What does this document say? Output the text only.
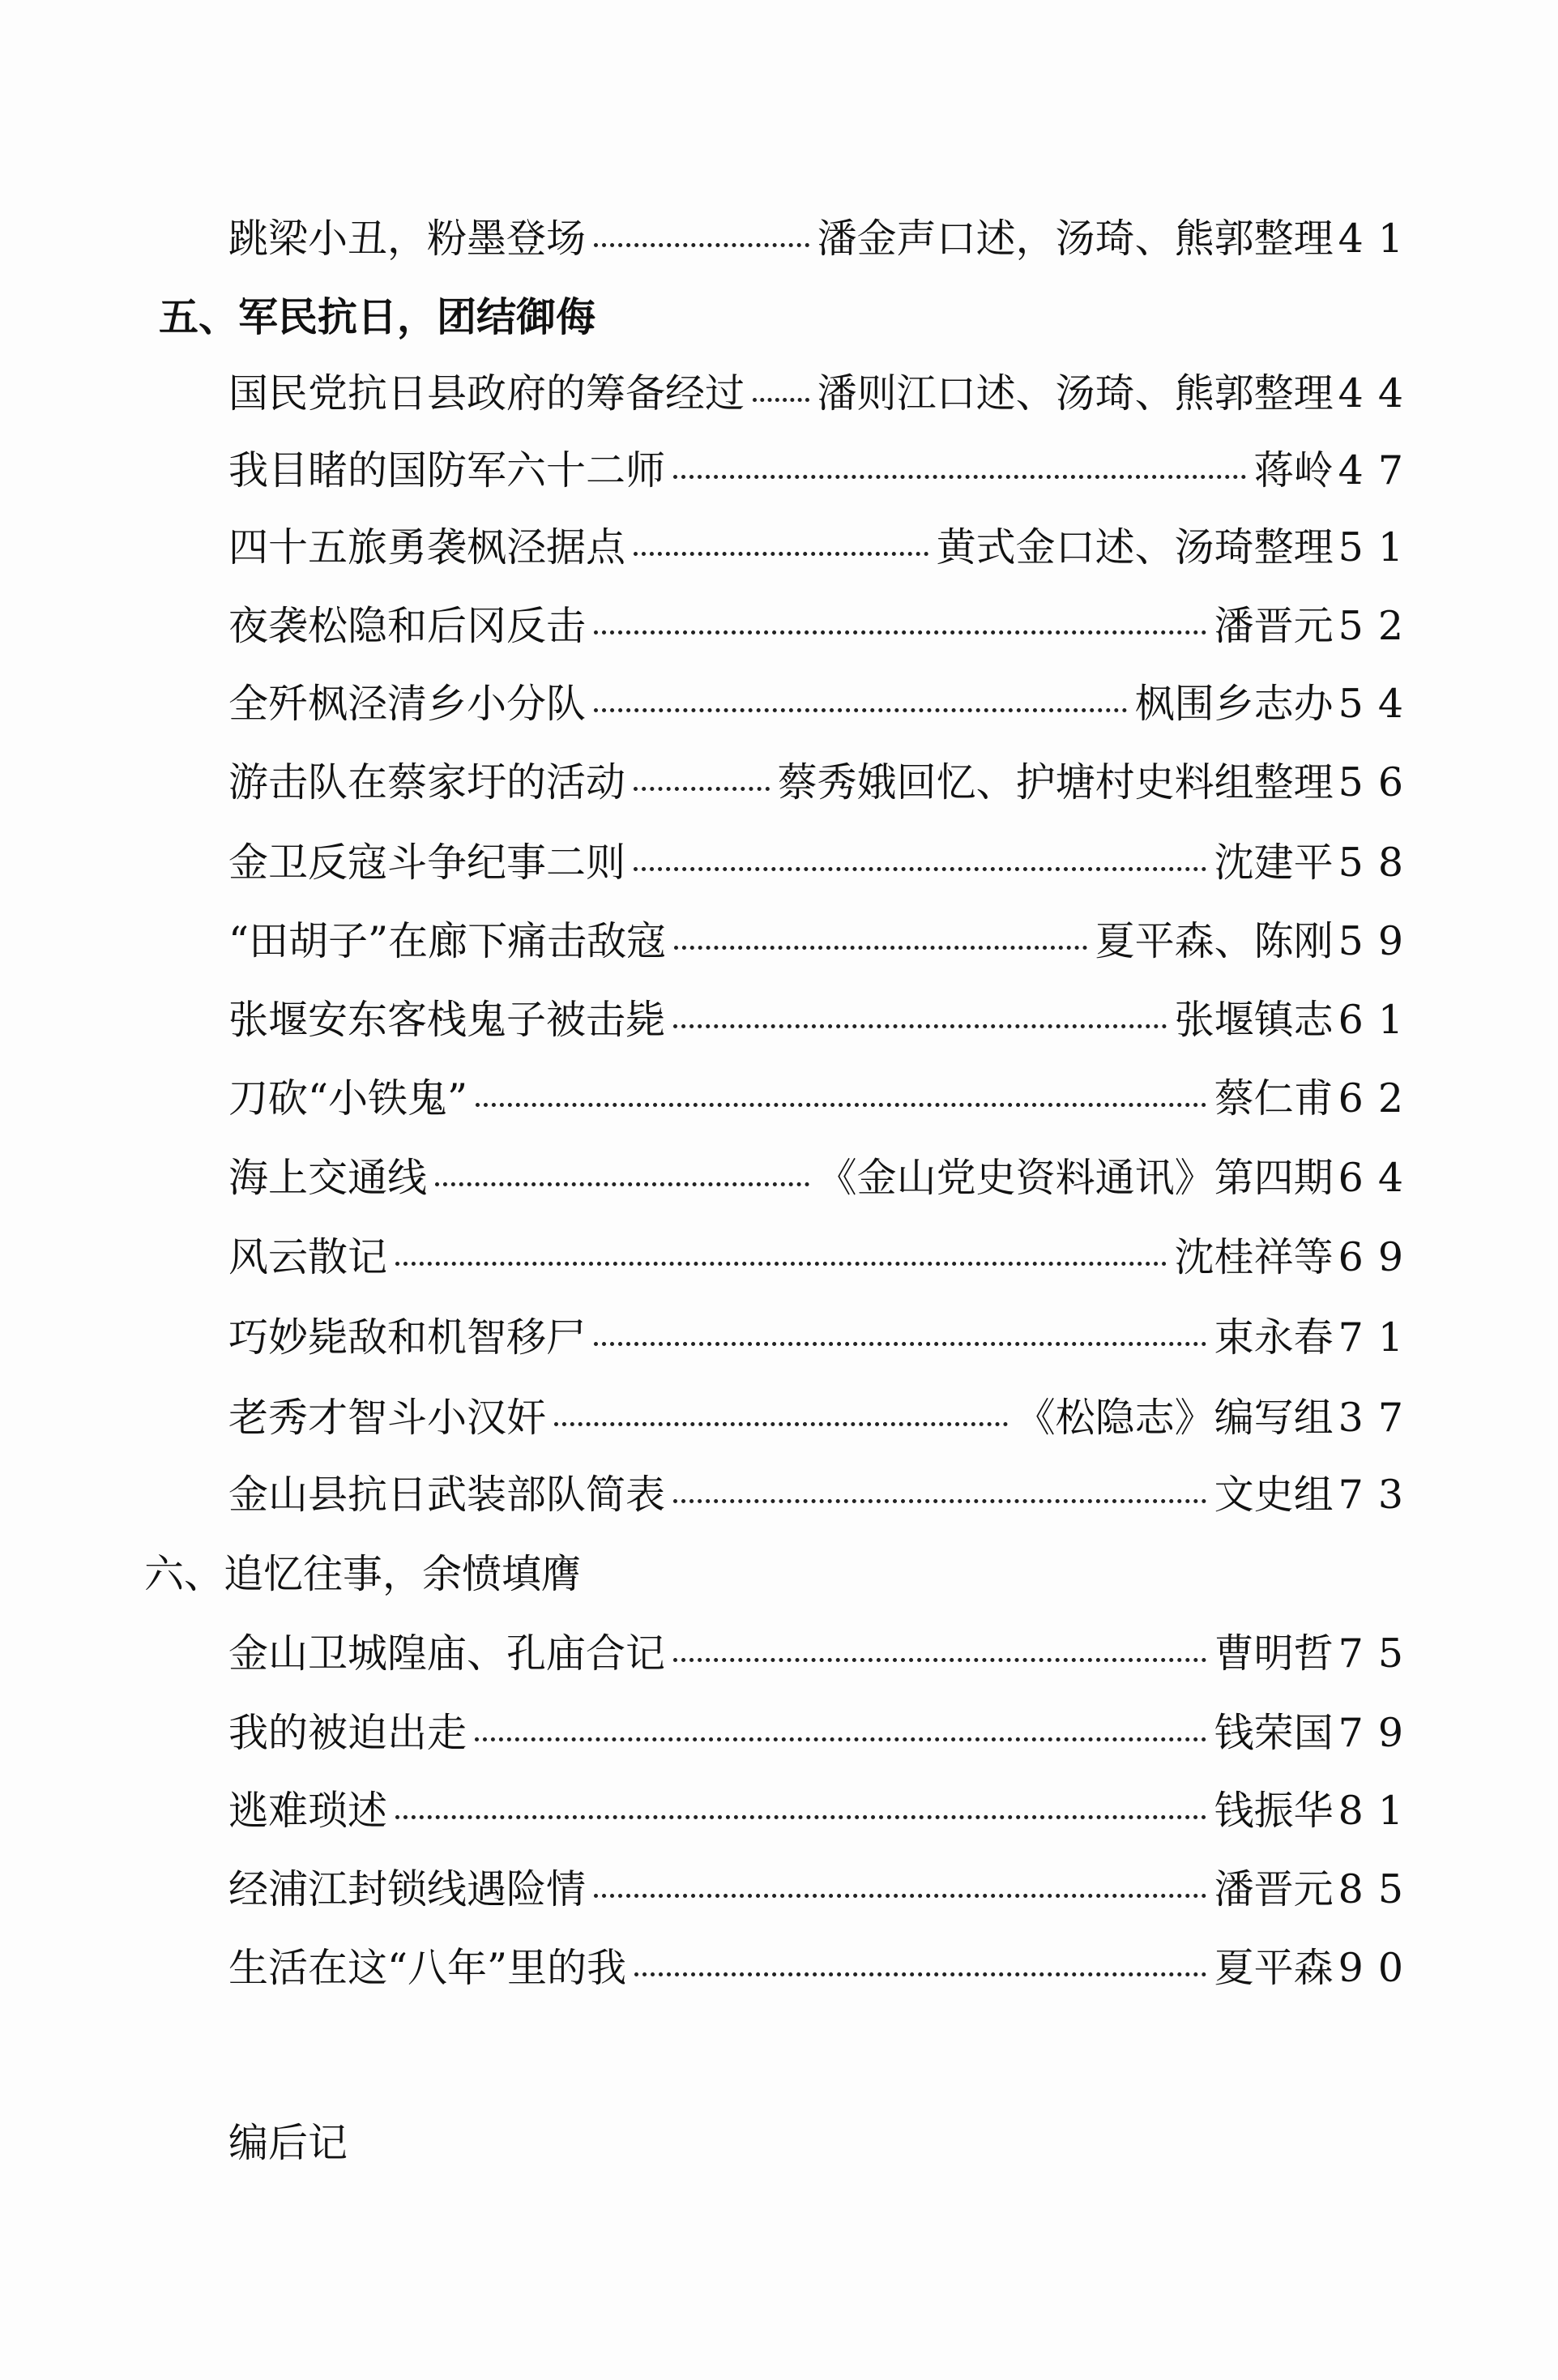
跳梁小丑，粉墨登场	潘金声口述，汤琦、熊郭整理 41
五、军民抗日，团结御侮
国民党抗日县政府的筹备经过 潘则江口述、汤琦、熊郭整理 44
我目睹的国防军六十二师	蒋岭 47
四十五旅勇袭枫泾据点	黄式金口述、汤琦整理 51
夜袭松隐和后冈反击	潘晋元 52
全歼枫泾清乡小分队	枫围乡志办 54
游击队在蔡家圩的活动	蔡秀娥回忆、护塘村史料组整理 56
金卫反寇斗争纪事二则	沈建平 58
“田胡子”在廊下痛击敌寇	夏平森、陈刚 59
张堰安东客栈鬼子被击毙	张堰镇志 61
刀砍“小铁鬼”	蔡仁甫 62
海上交通线	《金山党史资料通讯》第四期 64
风云散记	沈桂祥等 69
巧妙毙敌和机智移尸	束永春 71
老秀才智斗小汉奸	《松隐志》编写组 37
金山县抗日武装部队简表	文史组 73
六、追忆往事，余愤填膺
金山卫城隍庙、孔庙合记	曹明哲 75
我的被迫出走	钱荣国 79
逃难琐述	钱振华 81
经浦江封锁线遇险情	潘晋元 85
生活在这“八年”里的我	夏平森 90
编后记
